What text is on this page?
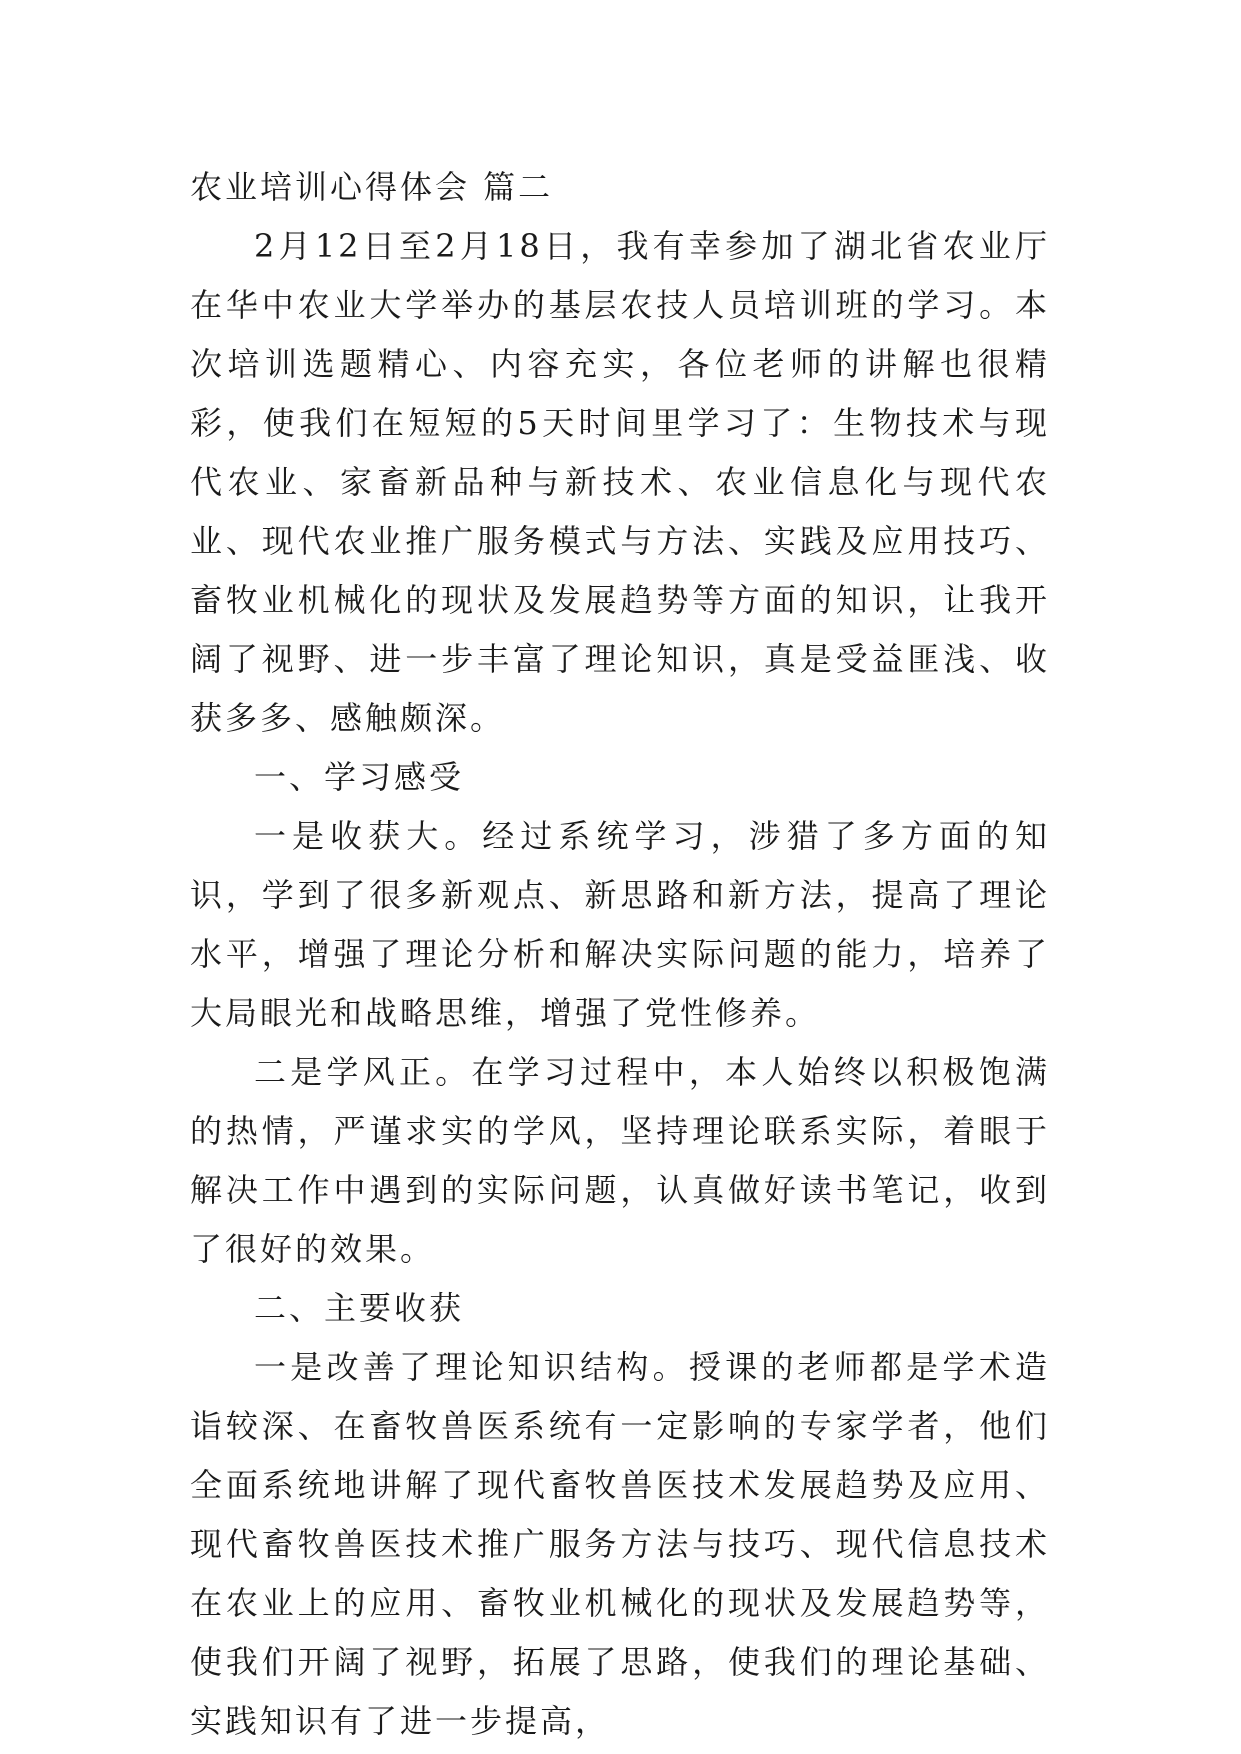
农业培训心得体会 篇二

2月12日至2月18日，我有幸参加了湖北省农业厅在华中农业大学举办的基层农技人员培训班的学习。本次培训选题精心、内容充实，各位老师的讲解也很精彩，使我们在短短的5天时间里学习了：生物技术与现代农业、家畜新品种与新技术、农业信息化与现代农业、现代农业推广服务模式与方法、实践及应用技巧、畜牧业机械化的现状及发展趋势等方面的知识，让我开阔了视野、进一步丰富了理论知识，真是受益匪浅、收获多多、感触颇深。

一、学习感受

一是收获大。经过系统学习，涉猎了多方面的知识，学到了很多新观点、新思路和新方法，提高了理论水平，增强了理论分析和解决实际问题的能力，培养了大局眼光和战略思维，增强了党性修养。

二是学风正。在学习过程中，本人始终以积极饱满的热情，严谨求实的学风，坚持理论联系实际，着眼于解决工作中遇到的实际问题，认真做好读书笔记，收到了很好的效果。

二、主要收获

一是改善了理论知识结构。授课的老师都是学术造诣较深、在畜牧兽医系统有一定影响的专家学者，他们全面系统地讲解了现代畜牧兽医技术发展趋势及应用、现代畜牧兽医技术推广服务方法与技巧、现代信息技术在农业上的应用、畜牧业机械化的现状及发展趋势等，使我们开阔了视野，拓展了思路，使我们的理论基础、实践知识有了进一步提高，
